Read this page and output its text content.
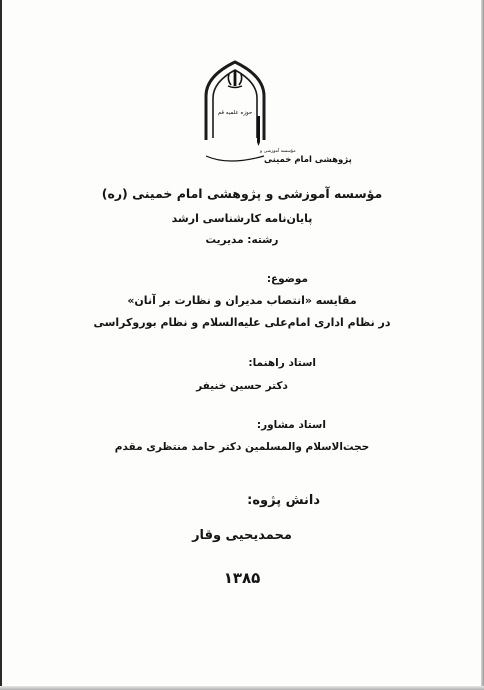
حوزه علمیه قم
مؤسسه آموزشی و
پژوهشی امام خمینی
مؤسسه آموزشی و پژوهشی امام خمینی (ره)
پایان‌نامه کارشناسی ارشد
رشته: مدیریت
موضوع:
مقایسه «انتصاب مدیران و نظارت بر آنان»
در نظام اداری امام‌علی علیه‌السلام و نظام بوروکراسی
استاد راهنما:
دکتر حسین خنیفر
استاد مشاور:
حجت‌الاسلام والمسلمین دکتر حامد منتظری مقدم
دانش پژوه:
محمدیحیی وقار
۱۳۸۵
